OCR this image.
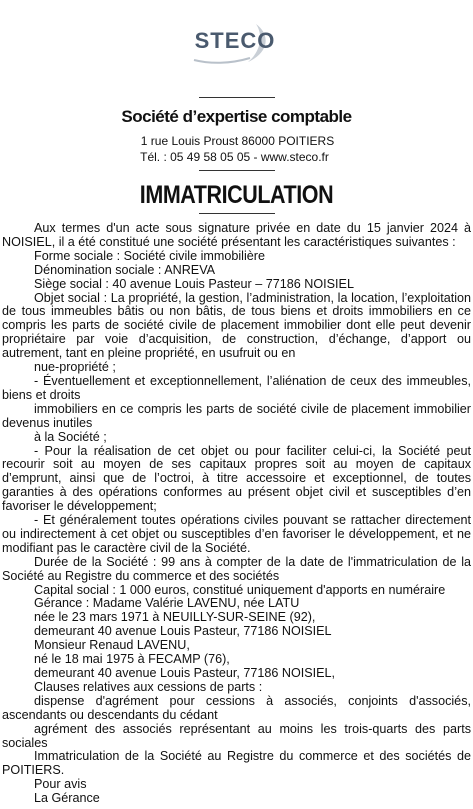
STECO
Société d’expertise comptable
1 rue Louis Proust 86000 POITIERS
Tél. : 05 49 58 05 05 - www.steco.fr
IMMATRICULATION

Aux termes d'un acte sous signature privée en date du 15 janvier 2024 à NOISIEL, il a été constitué une société présentant les caractéristiques suivantes :

Forme sociale : Société civile immobilière

Dénomination sociale : ANREVA

Siège social : 40 avenue Louis Pasteur – 77186 NOISIEL

Objet social : La propriété, la gestion, l’administration, la location, l’exploitation de tous immeubles bâtis ou non bâtis, de tous biens et droits immobiliers en ce compris les parts de société civile de placement immobilier dont elle peut devenir propriétaire par voie d’acquisition, de construction, d’échange, d’apport ou autrement, tant en pleine propriété, en usufruit ou en

nue-propriété ;

- Éventuellement et exceptionnellement, l’aliénation de ceux des immeubles, biens et droits

immobiliers en ce compris les parts de société civile de placement immobilier devenus inutiles

à la Société ;

- Pour la réalisation de cet objet ou pour faciliter celui-ci, la Société peut recourir soit au moyen de ses capitaux propres soit au moyen de capitaux d’emprunt, ainsi que de l’octroi, à titre accessoire et exceptionnel, de toutes garanties à des opérations conformes au présent objet civil et susceptibles d’en favoriser le développement;

- Et généralement toutes opérations civiles pouvant se rattacher directement ou indirectement à cet objet ou susceptibles d’en favoriser le développement, et ne modifiant pas le caractère civil de la Société.

Durée de la Société : 99 ans à compter de la date de l'immatriculation de la Société au Registre du commerce et des sociétés

Capital social : 1 000 euros, constitué uniquement d'apports en numéraire

Gérance : Madame Valérie LAVENU, née LATU

née le 23 mars 1971 à NEUILLY-SUR-SEINE (92),

demeurant 40 avenue Louis Pasteur, 77186 NOISIEL

Monsieur Renaud LAVENU,

né le 18 mai 1975 à FECAMP (76),

demeurant 40 avenue Louis Pasteur, 77186 NOISIEL,

Clauses relatives aux cessions de parts :

dispense d'agrément pour cessions à associés, conjoints d'associés, ascendants ou descendants du cédant

agrément des associés représentant au moins les trois-quarts des parts sociales

Immatriculation de la Société au Registre du commerce et des sociétés de POITIERS.

Pour avis

La Gérance
